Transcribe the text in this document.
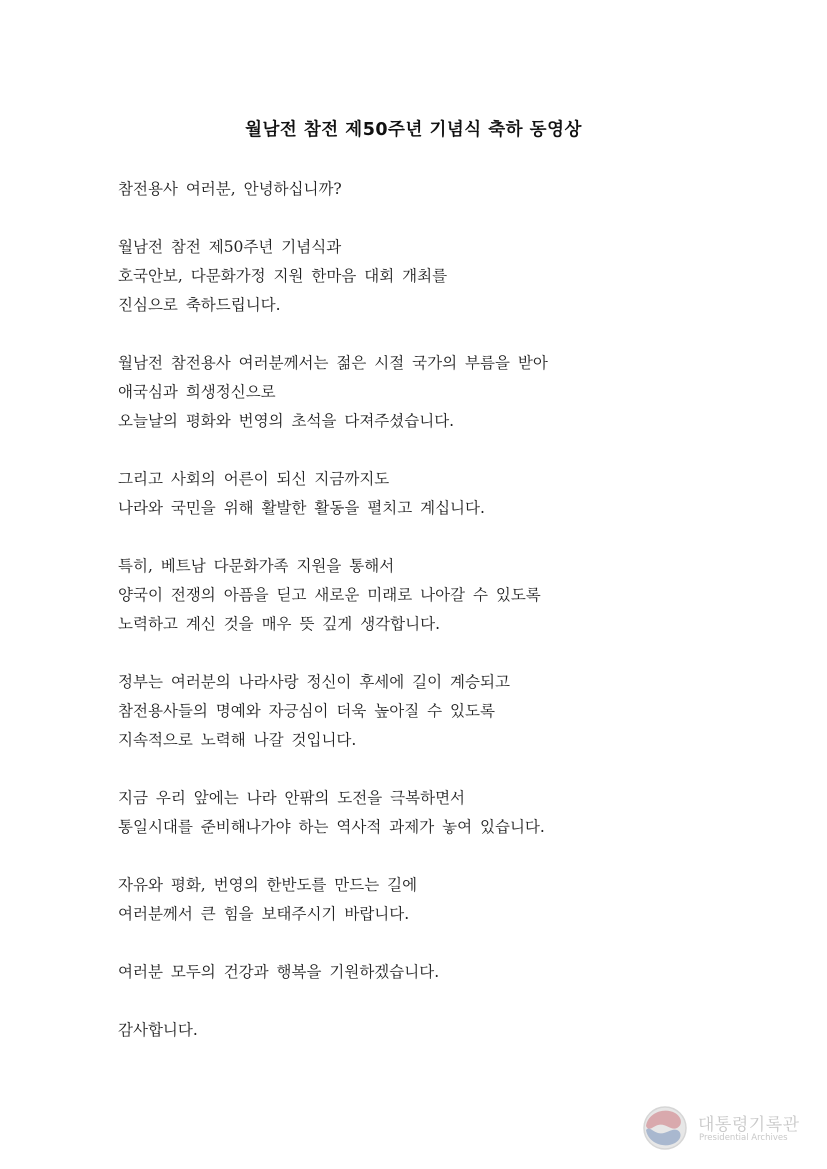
월남전 참전 제50주년 기념식 축하 동영상
참전용사 여러분, 안녕하십니까?
월남전 참전 제50주년 기념식과
호국안보, 다문화가정 지원 한마음 대회 개최를
진심으로 축하드립니다.
월남전 참전용사 여러분께서는 젊은 시절 국가의 부름을 받아
애국심과 희생정신으로
오늘날의 평화와 번영의 초석을 다져주셨습니다.
그리고 사회의 어른이 되신 지금까지도
나라와 국민을 위해 활발한 활동을 펼치고 계십니다.
특히, 베트남 다문화가족 지원을 통해서
양국이 전쟁의 아픔을 딛고 새로운 미래로 나아갈 수 있도록
노력하고 계신 것을 매우 뜻 깊게 생각합니다.
정부는 여러분의 나라사랑 정신이 후세에 길이 계승되고
참전용사들의 명예와 자긍심이 더욱 높아질 수 있도록
지속적으로 노력해 나갈 것입니다.
지금 우리 앞에는 나라 안팎의 도전을 극복하면서
통일시대를 준비해나가야 하는 역사적 과제가 놓여 있습니다.
자유와 평화, 번영의 한반도를 만드는 길에
여러분께서 큰 힘을 보태주시기 바랍니다.
여러분 모두의 건강과 행복을 기원하겠습니다.
감사합니다.
대통령기록관
Presidential Archives
